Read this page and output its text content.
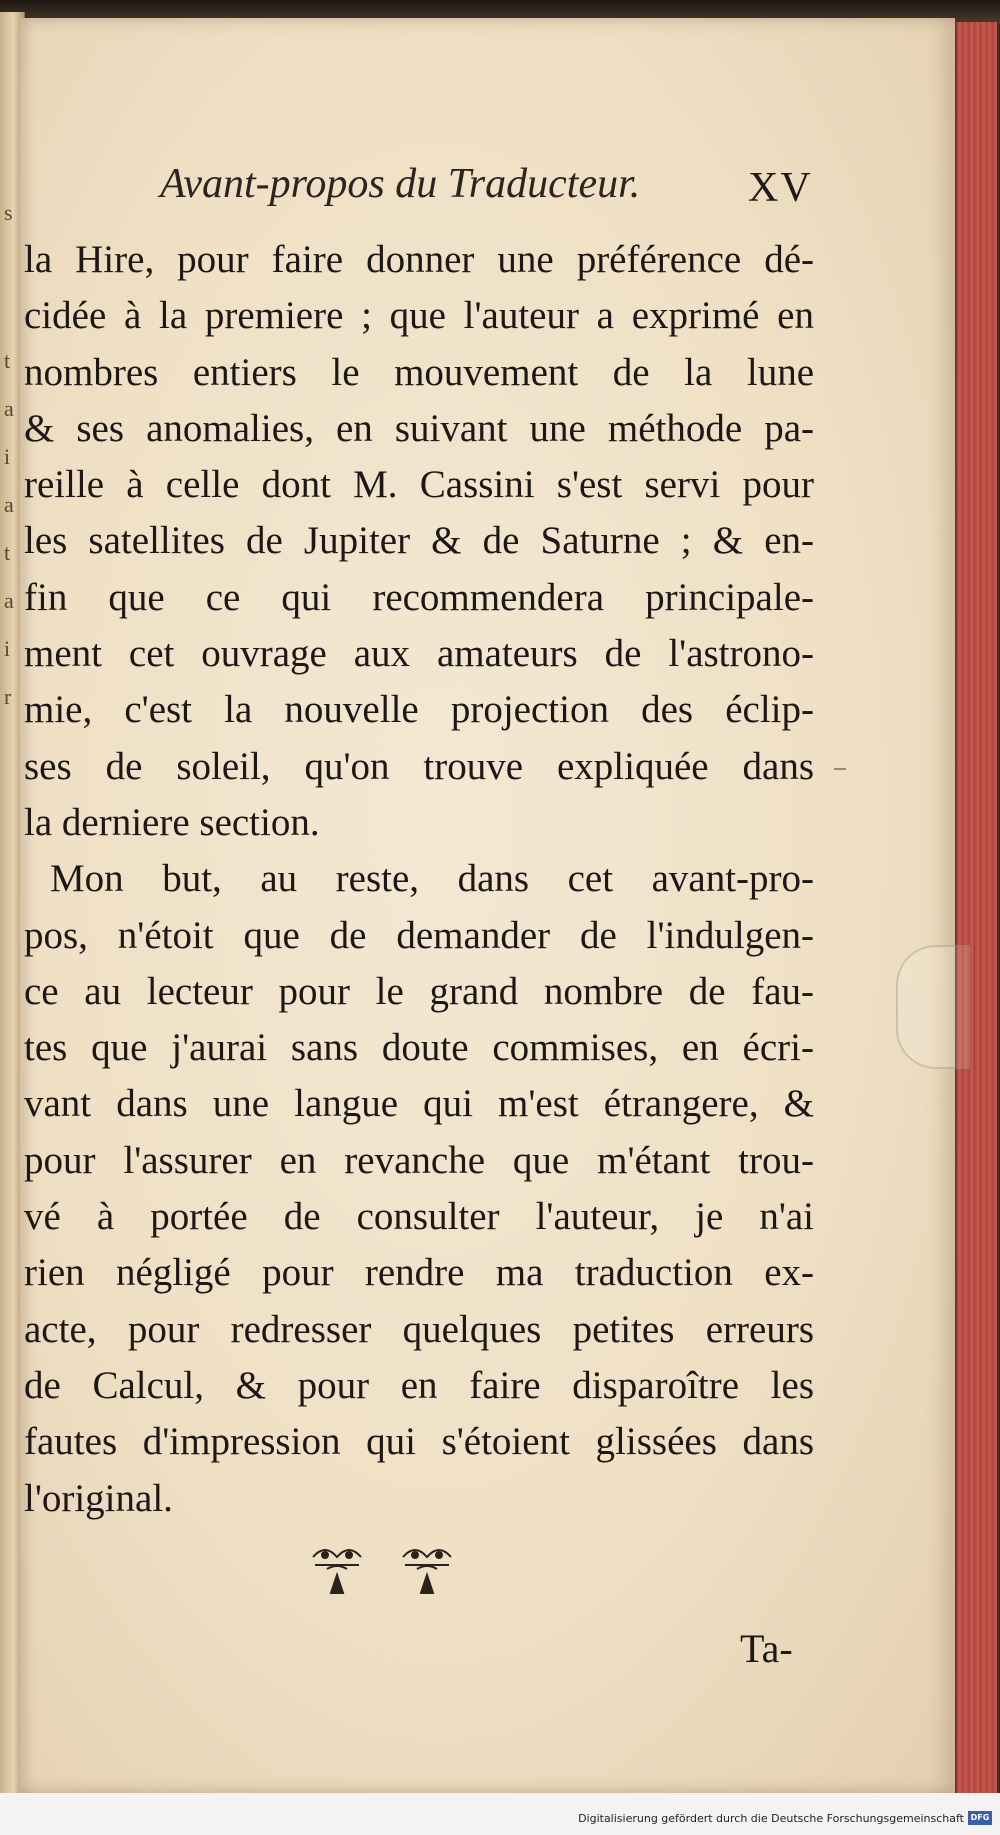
s
t
a
i
a
t
a
i
r
Avant-propos du Traducteur.	XV
la Hire, pour faire donner une préférence dé-
cidée à la premiere ; que l'auteur a exprimé en
nombres entiers le mouvement de la lune
& ses anomalies, en suivant une méthode pa-
reille à celle dont M. Cassini s'est servi pour
les satellites de Jupiter & de Saturne ; & en-
fin que ce qui recommendera principale-
ment cet ouvrage aux amateurs de l'astrono-
mie, c'est la nouvelle projection des éclip-
ses de soleil, qu'on trouve expliquée dans
la derniere section.
Mon but, au reste, dans cet avant-pro-
pos, n'étoit que de demander de l'indulgen-
ce au lecteur pour le grand nombre de fau-
tes que j'aurai sans doute commises, en écri-
vant dans une langue qui m'est étrangere, &
pour l'assurer en revanche que m'étant trou-
vé à portée de consulter l'auteur, je n'ai
rien négligé pour rendre ma traduction ex-
acte, pour redresser quelques petites erreurs
de Calcul, & pour en faire disparoître les
fautes d'impression qui s'étoient glissées dans
l'original.
Ta-
Digitalisierung gefördert durch die Deutsche Forschungsgemeinschaft DFG
